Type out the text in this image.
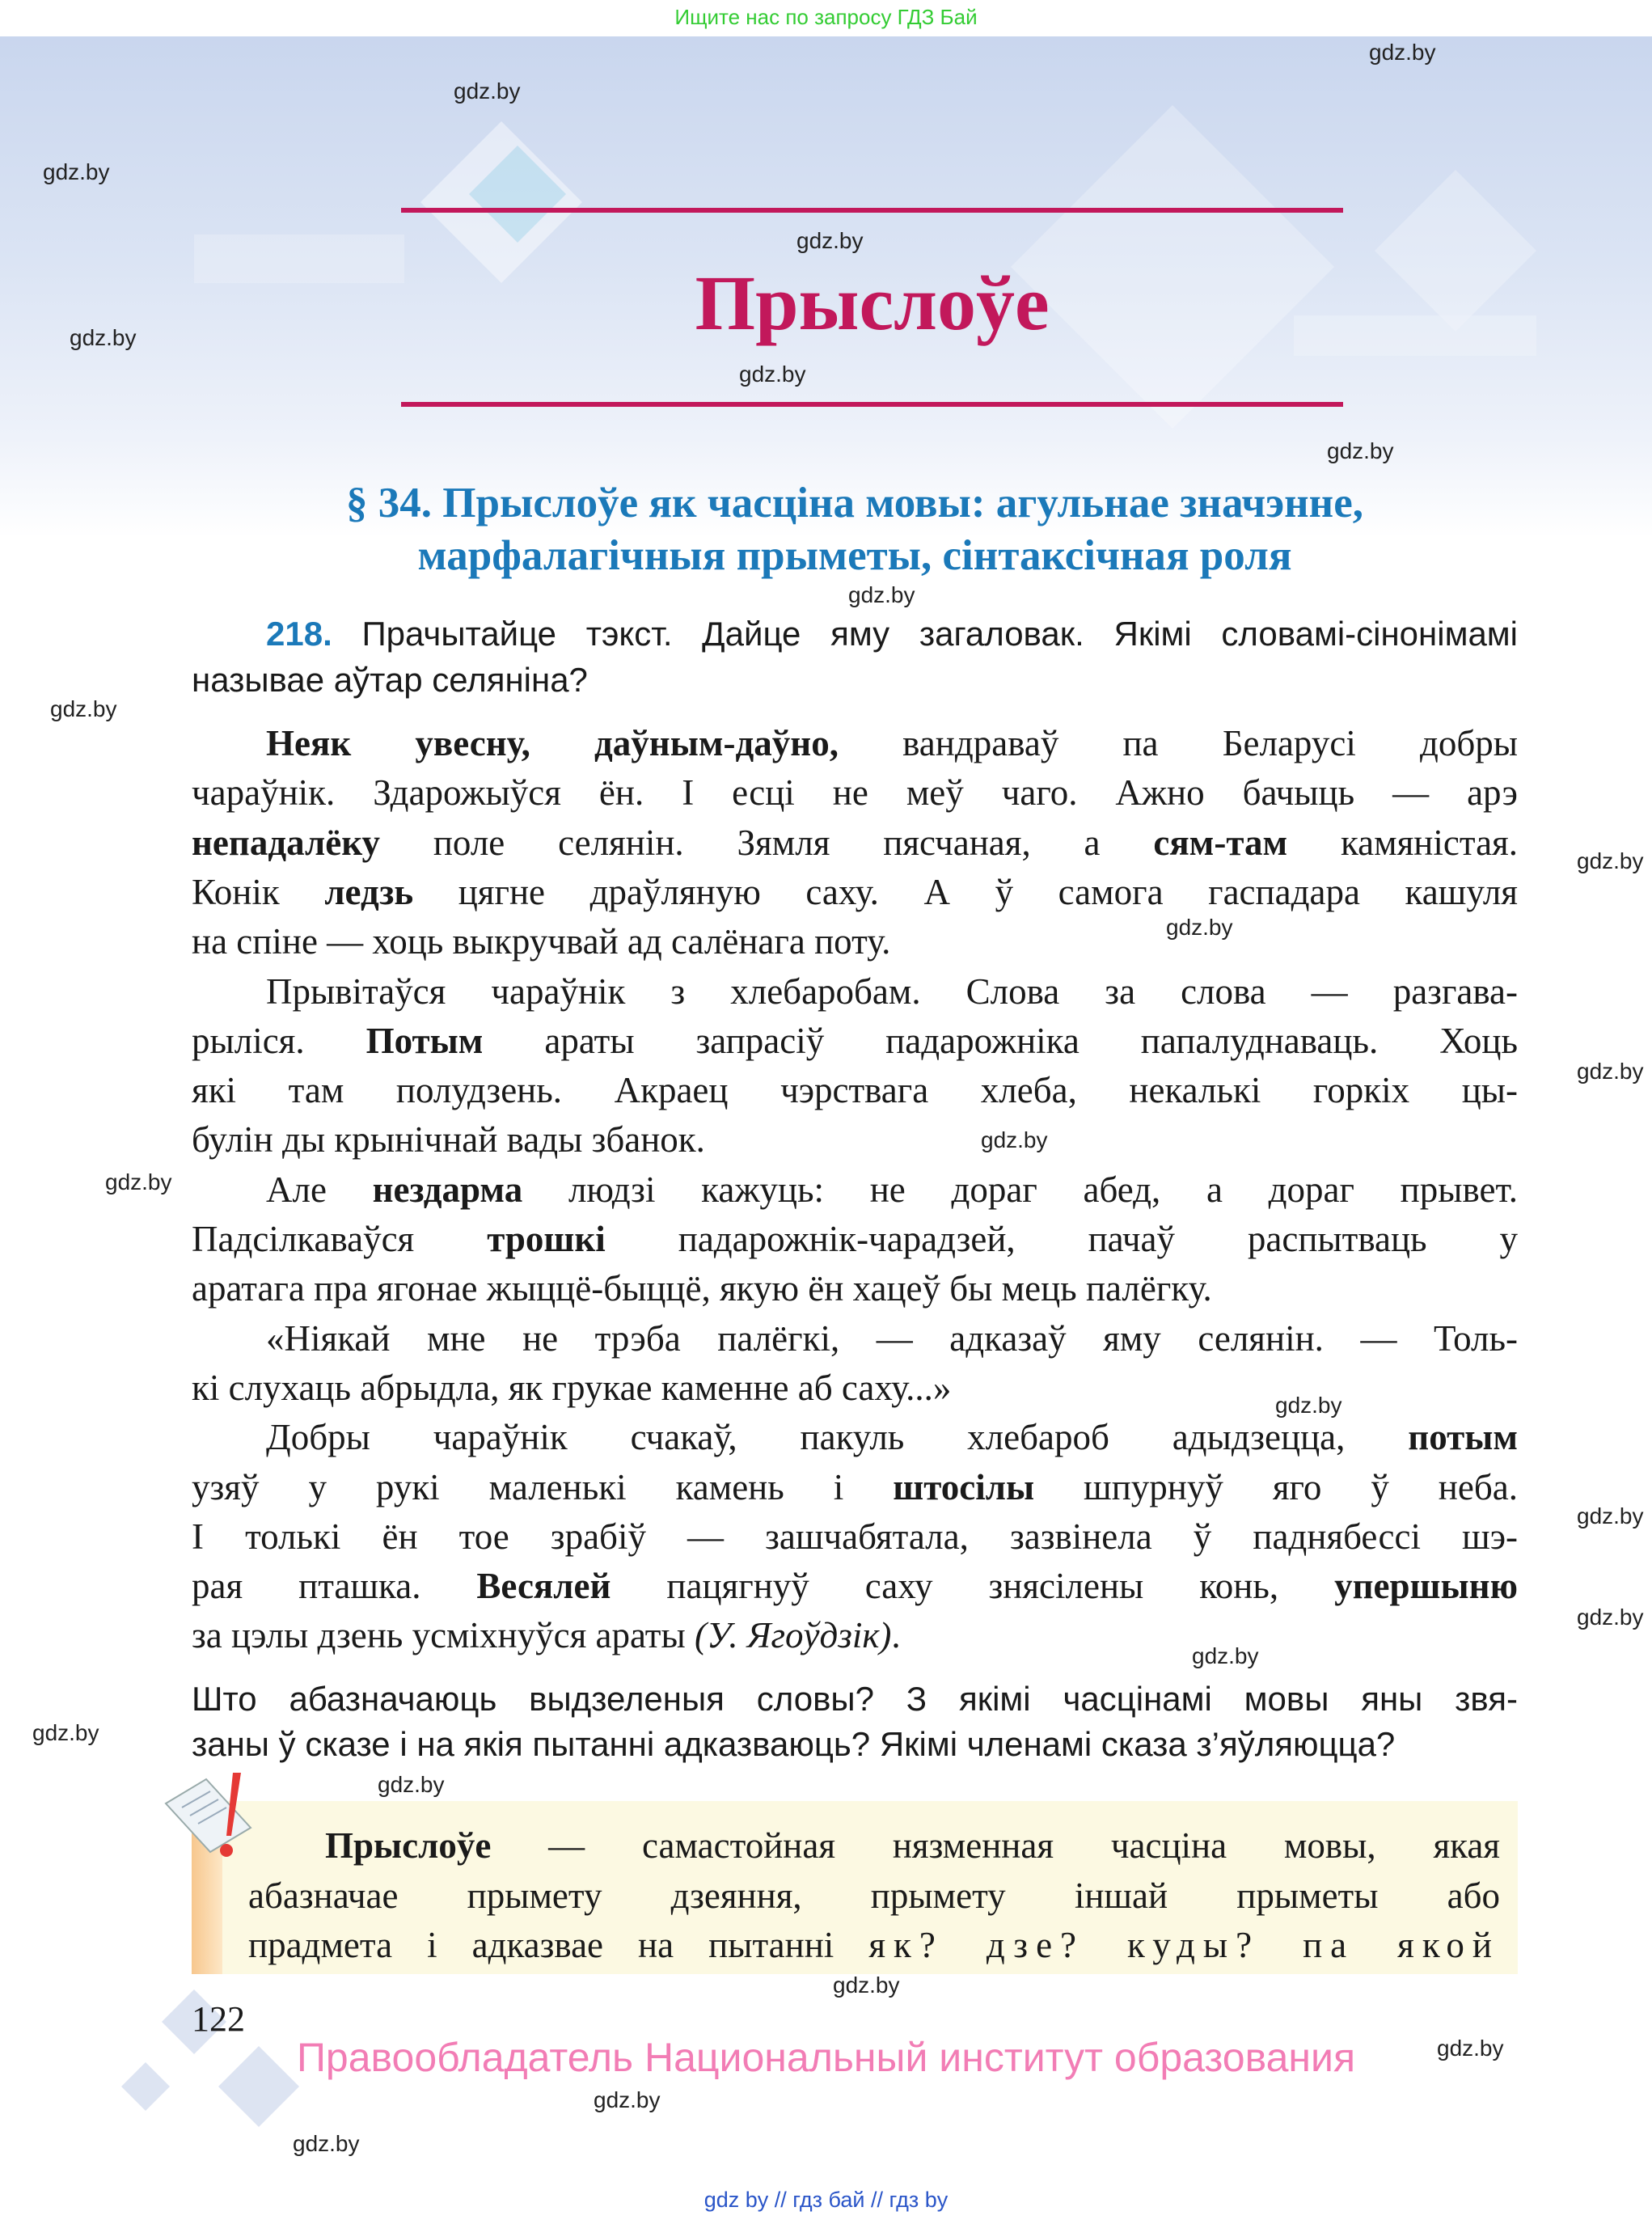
Ищите нас по запросу ГДЗ Бай
Прыслоўе
§ 34. Прыслоўе як часціна мовы: агульнае значэнне,
марфалагічныя прыметы, сінтаксічная роля
218. Прачытайце тэкст. Дайце яму загаловак. Якімі словамі-сінонімамі называе аўтар селяніна?
Неяк увесну, даўным-даўно, вандраваў па Беларусі добры
чараўнік. Здарожыўся ён. І есці не меў чаго. Ажно бачыць — арэ
непадалёку поле селянін. Зямля пясчаная, а сям-там камяністая.
Конік ледзь цягне драўляную саху. А ў самога гаспадара кашуля
на спіне — хоць выкручвай ад салёнага поту.
Прывітаўся чараўнік з хлебаробам. Слова за слова — разгава-
рыліся. Потым араты запрасіў падарожніка папалуднаваць. Хоць
які там полудзень. Акраец чэрствага хлеба, некалькі горкіх цы-
булін ды крынічнай вады збанок.
Але нездарма людзі кажуць: не дораг абед, а дораг прывет.
Падсілкаваўся трошкі падарожнік-чарадзей, пачаў распытваць у
аратага пра ягонае жыццё-быццё, якую ён хацеў бы мець палёгку.
«Ніякай мне не трэба палёгкі, — адказаў яму селянін. — Толь-
кі слухаць абрыдла, як грукае каменне аб саху...»
Добры чараўнік счакаў, пакуль хлебароб адыдзецца, потым
узяў у рукі маленькі камень і штосілы шпурнуў яго ў неба.
І толькі ён тое зрабіў — зашчабятала, зазвінела ў паднябессі шэ-
рая пташка. Весялей пацягнуў саху знясілены конь, упершыню
за цэлы дзень усміхнуўся араты (У. Ягоўдзік).
Што абазначаюць выдзеленыя словы? З якімі часцінамі мовы яны звя-
заны ў сказе і на якія пытанні адказваюць? Якімі членамі сказа з’яўляюцца?
Прыслоўе — самастойная нязменная часціна мовы, якая
абазначае прымету дзеяння, прымету іншай прыметы або
прадмета і адказвае на пытанні як? дзе? куды? па якой
122
Правообладатель Национальный институт образования
gdz by // гдз бай // гдз by
gdz.by
gdz.by
gdz.by
gdz.by
gdz.by
gdz.by
gdz.by
gdz.by
gdz.by
gdz.by
gdz.by
gdz.by
gdz.by
gdz.by
gdz.by
gdz.by
gdz.by
gdz.by
gdz.by
gdz.by
gdz.by
gdz.by
gdz.by
gdz.by
